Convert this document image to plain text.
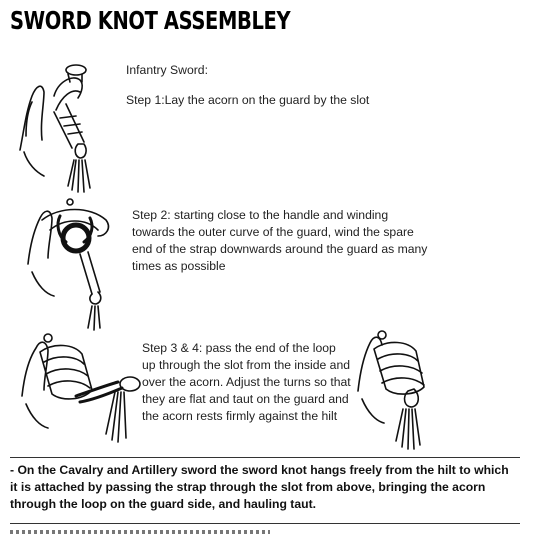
SWORD KNOT ASSEMBLEY
Infantry Sword:
Step 1:Lay the acorn on the guard by the slot
Step 2: starting close to the handle and winding towards the outer curve of the guard, wind the spare end of the strap downwards around the guard as many times as possible
Step 3 & 4: pass the end of the loop up through the slot from the inside and over the acorn. Adjust the turns so that they are flat and taut on the guard and the acorn rests firmly against the hilt
- On the Cavalry and Artillery sword the sword knot hangs freely from the hilt to which it is attached by passing the strap through the slot from above, bringing the acorn through the loop on the guard side, and hauling taut.
